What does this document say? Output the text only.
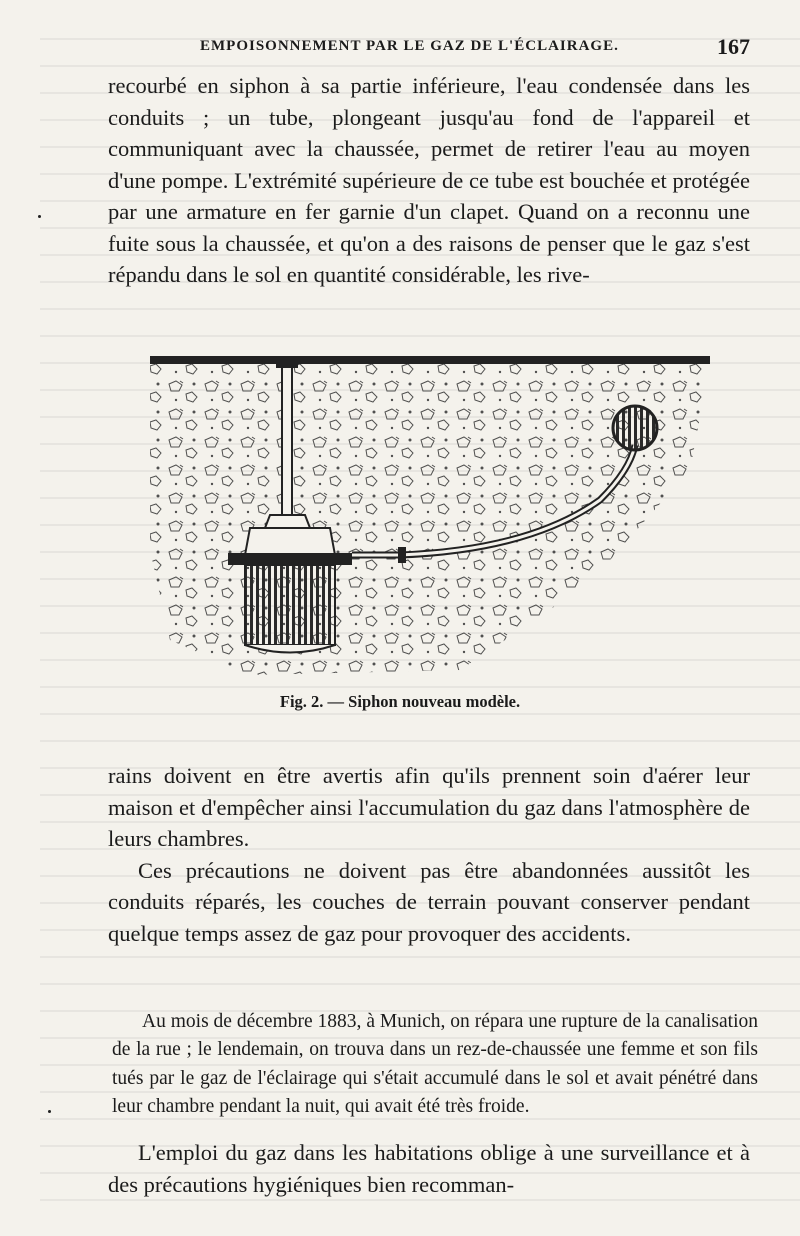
EMPOISONNEMENT PAR LE GAZ DE L'ÉCLAIRAGE.	167

recourbé en siphon à sa partie inférieure, l'eau condensée dans les conduits ; un tube, plongeant jusqu'au fond de l'appareil et communiquant avec la chaussée, permet de retirer l'eau au moyen d'une pompe. L'extrémité supérieure de ce tube est bouchée et protégée par une armature en fer garnie d'un clapet. Quand on a reconnu une fuite sous la chaussée, et qu'on a des raisons de penser que le gaz s'est répandu dans le sol en quantité considérable, les rive-

Fig. 2. — Siphon nouveau modèle.

rains doivent en être avertis afin qu'ils prennent soin d'aérer leur maison et d'empêcher ainsi l'accumulation du gaz dans l'atmosphère de leurs chambres.

Ces précautions ne doivent pas être abandonnées aussitôt les conduits réparés, les couches de terrain pouvant conserver pendant quelque temps assez de gaz pour provoquer des accidents.

Au mois de décembre 1883, à Munich, on répara une rupture de la canalisation de la rue ; le lendemain, on trouva dans un rez-de-chaussée une femme et son fils tués par le gaz de l'éclairage qui s'était accumulé dans le sol et avait pénétré dans leur chambre pendant la nuit, qui avait été très froide.

L'emploi du gaz dans les habitations oblige à une surveillance et à des précautions hygiéniques bien recomman-
